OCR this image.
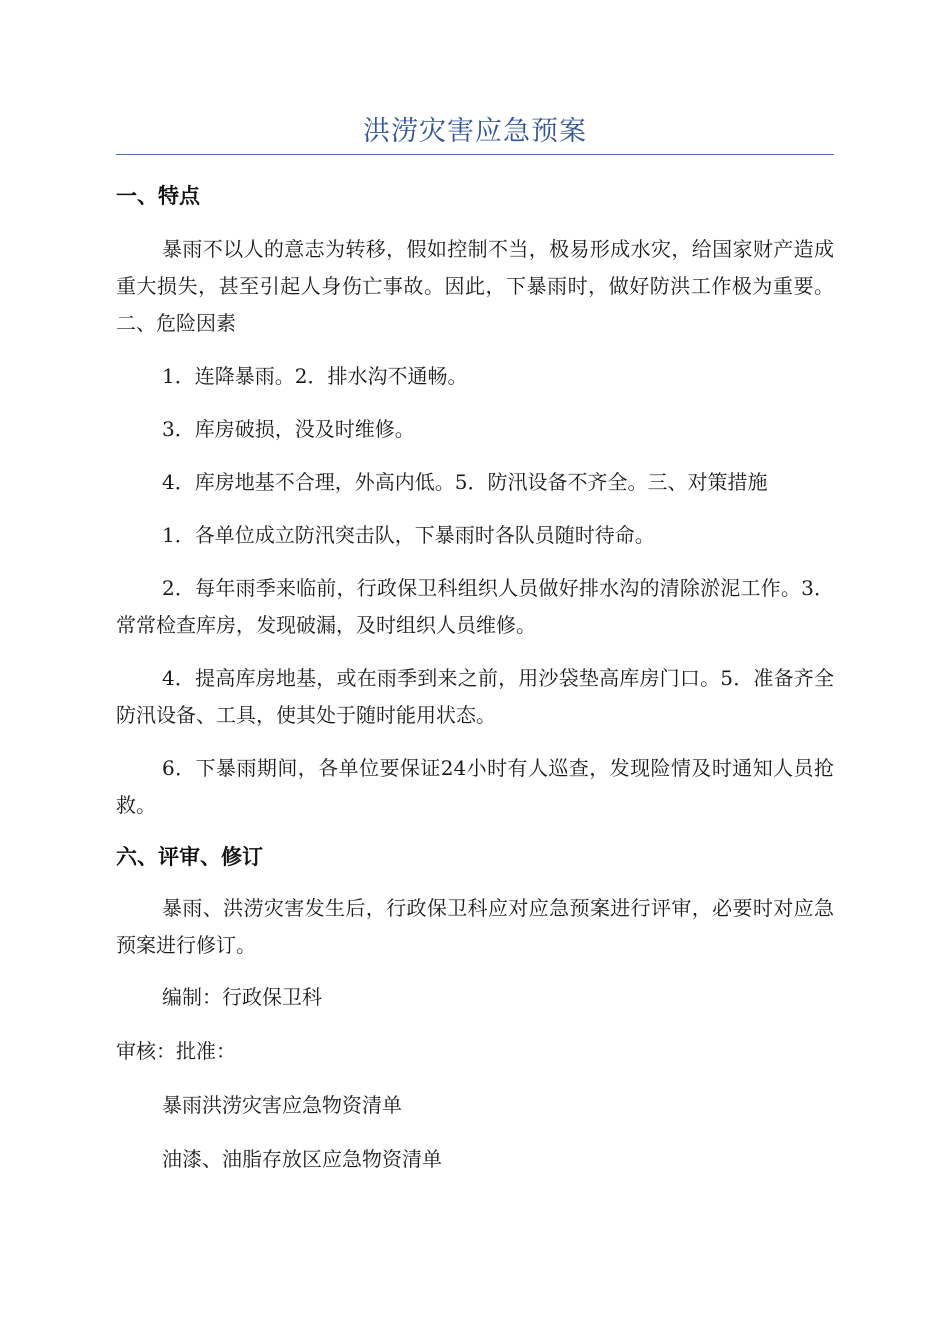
洪涝灾害应急预案
一、特点

暴雨不以人的意志为转移，假如控制不当，极易形成水灾，给国家财产造成重大损失，甚至引起人身伤亡事故。因此，下暴雨时，做好防洪工作极为重要。二、危险因素

1．连降暴雨。2．排水沟不通畅。

3．库房破损，没及时维修。

4．库房地基不合理，外高内低。5．防汛设备不齐全。三、对策措施

1．各单位成立防汛突击队，下暴雨时各队员随时待命。

2．每年雨季来临前，行政保卫科组织人员做好排水沟的清除淤泥工作。3．常常检查库房，发现破漏，及时组织人员维修。

4．提高库房地基，或在雨季到来之前，用沙袋垫高库房门口。5．准备齐全防汛设备、工具，使其处于随时能用状态。

6．下暴雨期间，各单位要保证24小时有人巡查，发现险情及时通知人员抢救。

六、评审、修订

暴雨、洪涝灾害发生后，行政保卫科应对应急预案进行评审，必要时对应急预案进行修订。

编制：行政保卫科

审核：批准：

暴雨洪涝灾害应急物资清单

油漆、油脂存放区应急物资清单
